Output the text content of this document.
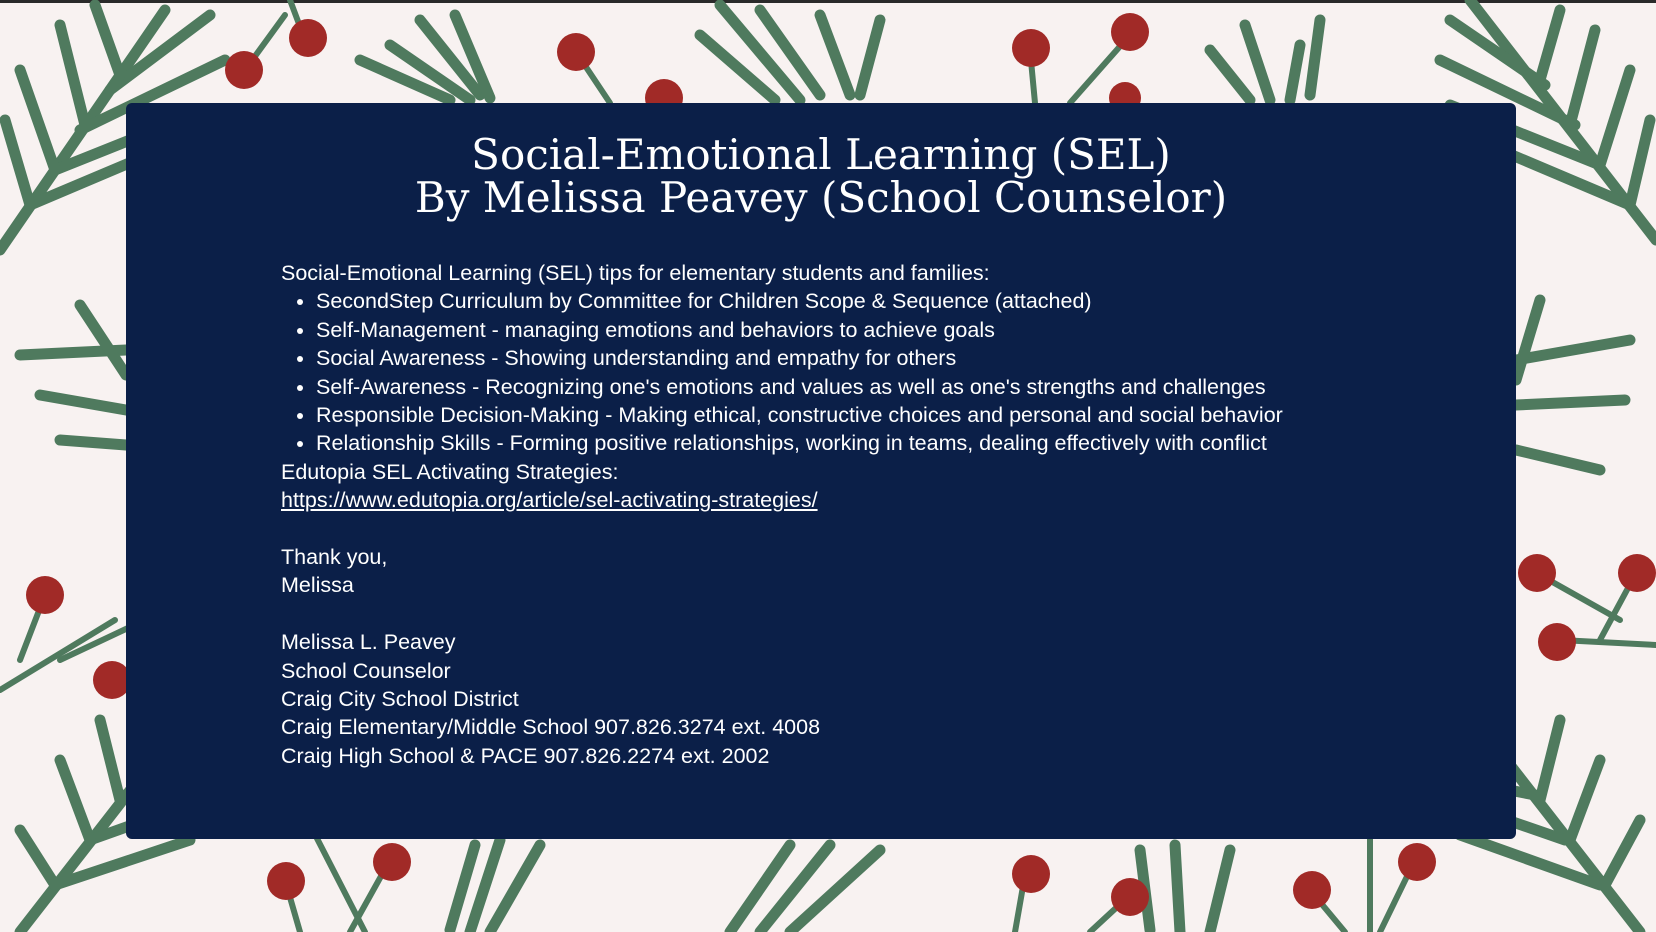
Social-Emotional Learning (SEL)
By Melissa Peavey (School Counselor)

Social-Emotional Learning (SEL) tips for elementary students and families:

• SecondStep Curriculum by Committee for Children Scope & Sequence (attached)
• Self-Management - managing emotions and behaviors to achieve goals
• Social Awareness - Showing understanding and empathy for others
• Self-Awareness - Recognizing one's emotions and values as well as one's strengths and challenges
• Responsible Decision-Making - Making ethical, constructive choices and personal and social behavior
• Relationship Skills - Forming positive relationships, working in teams, dealing effectively with conflict

Edutopia SEL Activating Strategies:

https://www.edutopia.org/article/sel-activating-strategies/

Thank you,

Melissa

Melissa L. Peavey

School Counselor

Craig City School District

Craig Elementary/Middle School 907.826.3274 ext. 4008

Craig High School & PACE 907.826.2274 ext. 2002
